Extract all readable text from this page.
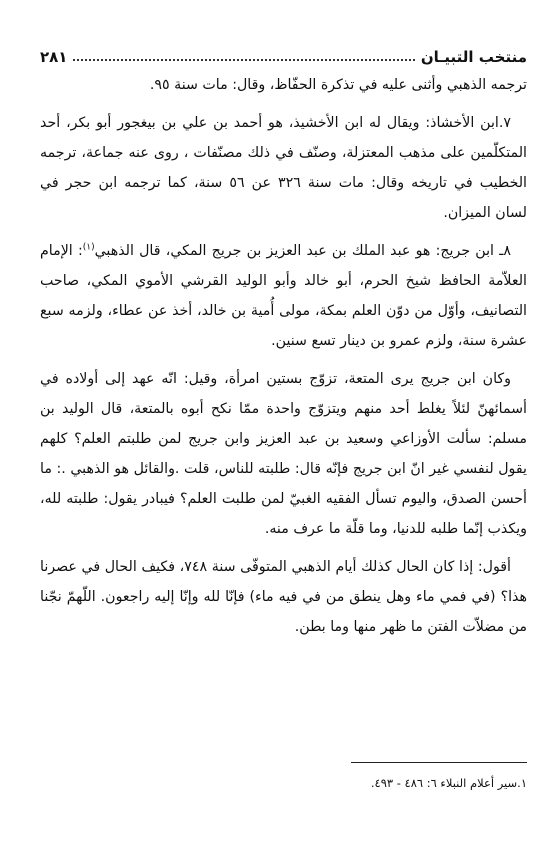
منتخب التبيـان
٢٨١

ترجمه الذهبي وأثنى عليه في تذكرة الحفّاظ، وقال: مات سنة ٩٥.

٧.ابن الأخشاذ: ويقال له ابن الأخشيذ، هو أحمد بن علي بن بيغجور أبو بكر، أحد المتكلّمين على مذهب المعتزلة، وصنّف في ذلك مصنّفات ، روى عنه جماعة، ترجمه الخطيب في تاريخه وقال: مات سنة ٣٢٦ عن ٥٦ سنة، كما ترجمه ابن حجر في لسان الميزان.

٨ـ ابن جريج: هو عبد الملك بن عبد العزيز بن جريج المكي، قال الذهبي$^{(١)}$: الإمام العلاّمة الحافظ شيخ الحرم، أبو خالد وأبو الوليد القرشي الأموي المكي، صاحب التصانيف، وأوّل من دوّن العلم بمكة، مولى أُمية بن خالد، أخذ عن عطاء، ولزمه سبع عشرة سنة، ولزم عمرو بن دينار تسع سنين.

وكان ابن جريج يرى المتعة، تزوّج بستين امرأة، وقيل: انّه عهد إلى أولاده في أسمائهنّ لئلاً يغلط أحد منهم ويتزوّج واحدة ممّا نكح أبوه بالمتعة، قال الوليد بن مسلم: سألت الأوزاعي وسعيد بن عبد العزيز وابن جريج لمن طلبتم العلم؟ كلهم يقول لنفسي غير انّ ابن جريج فإنّه قال: طلبته للناس، قلت .والقائل هو الذهبي .: ما أحسن الصدق، واليوم تسأل الفقيه الغبيّ لمن طلبت العلم؟ فيبادر يقول: طلبته لله، ويكذب إنّما طلبه للدنيا، وما قلّة ما عرف منه.

أقول: إذا كان الحال كذلك أيام الذهبي المتوفّى سنة ٧٤٨، فكيف الحال في عصرنا هذا؟ (في فمي ماء وهل ينطق من في فيه ماء) فإنّا لله وإنّا إليه راجعون. اللّهمّ نجّنا من مضلاّت الفتن ما ظهر منها وما بطن.

١.سير أعلام النبلاء ٦: ٤٨٦ - ٤٩٣.
